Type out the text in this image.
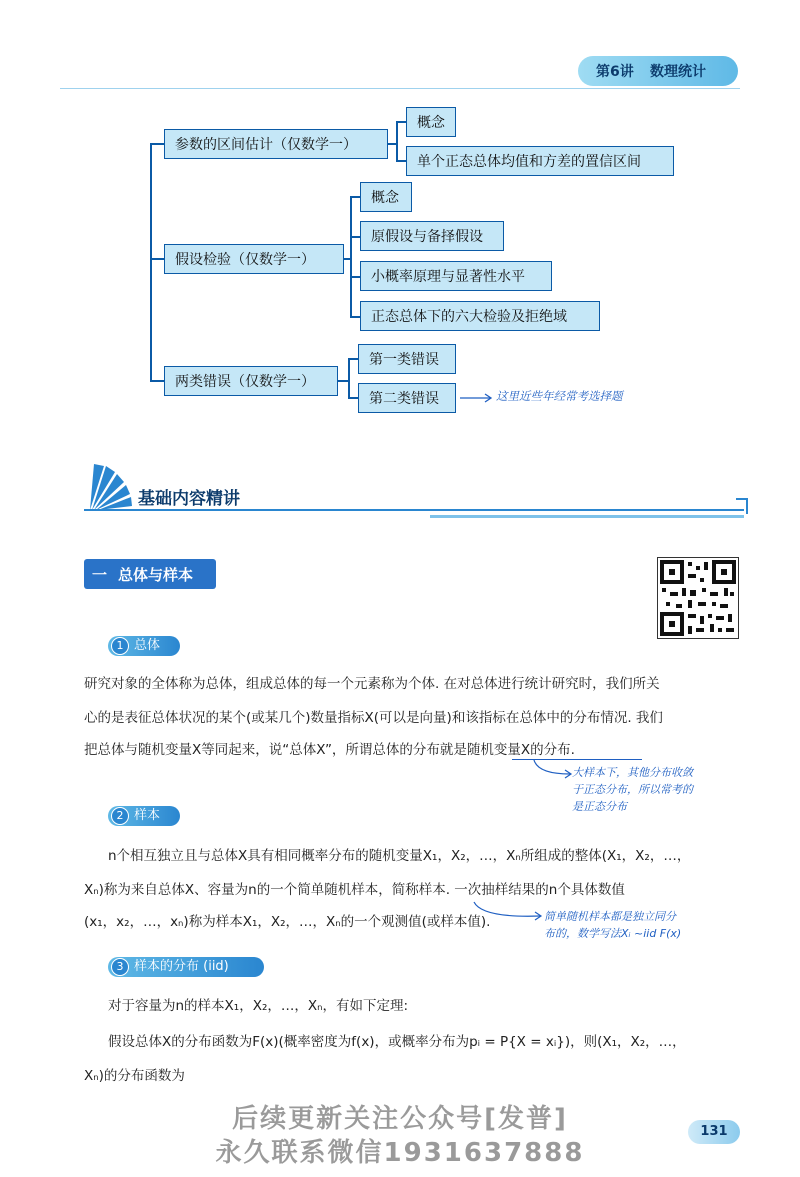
第6讲 数理统计
参数的区间估计（仅数学一）
概念
单个正态总体均值和方差的置信区间
假设检验（仅数学一）
概念
原假设与备择假设
小概率原理与显著性水平
正态总体下的六大检验及拒绝域
两类错误（仅数学一）
第一类错误
第二类错误	这里近些年经常考选择题
基础内容精讲
一 总体与样本
1 总体
研究对象的全体称为总体，组成总体的每一个元素称为个体. 在对总体进行统计研究时，我们所关
心的是表征总体状况的某个(或某几个)数量指标X(可以是向量)和该指标在总体中的分布情况. 我们
把总体与随机变量X等同起来，说“总体X”，所谓总体的分布就是随机变量X的分布.
大样本下，其他分布收敛
于正态分布，所以常考的
是正态分布
2 样本
n个相互独立且与总体X具有相同概率分布的随机变量X₁，X₂，…，Xₙ所组成的整体(X₁，X₂，…，
Xₙ)称为来自总体X、容量为n的一个简单随机样本，简称样本. 一次抽样结果的n个具体数值
(x₁，x₂，…，xₙ)称为样本X₁，X₂，…，Xₙ的一个观测值(或样本值).	简单随机样本都是独立同分
布的，数学写法Xᵢ ~iid F(x)
3 样本的分布 (iid)
对于容量为n的样本X₁，X₂，…，Xₙ，有如下定理:
假设总体X的分布函数为F(x)(概率密度为f(x)，或概率分布为pᵢ = P{X = xᵢ})，则(X₁，X₂，…，
Xₙ)的分布函数为
后续更新关注公众号[发普]
永久联系微信1931637888
131
